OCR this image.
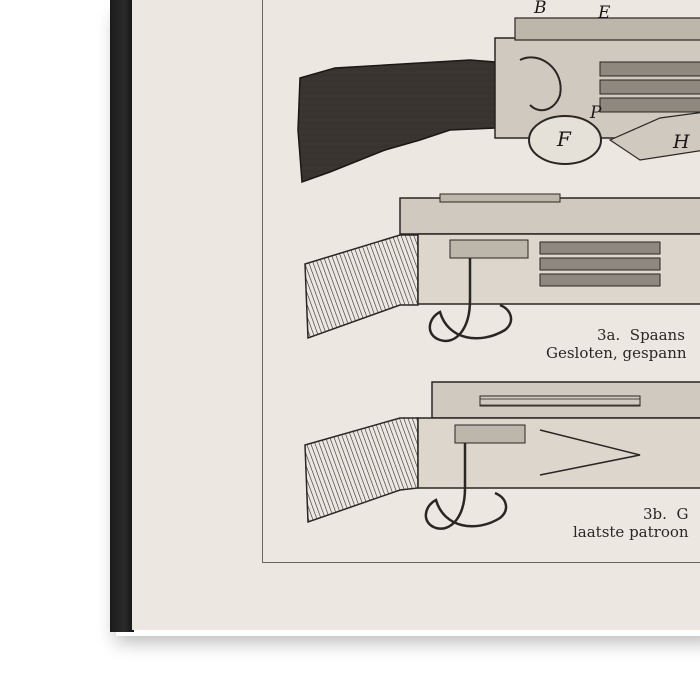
B	E
P
F	H
3a.  Spaans
Gesloten, gespann
3b.  G
laatste patroon
